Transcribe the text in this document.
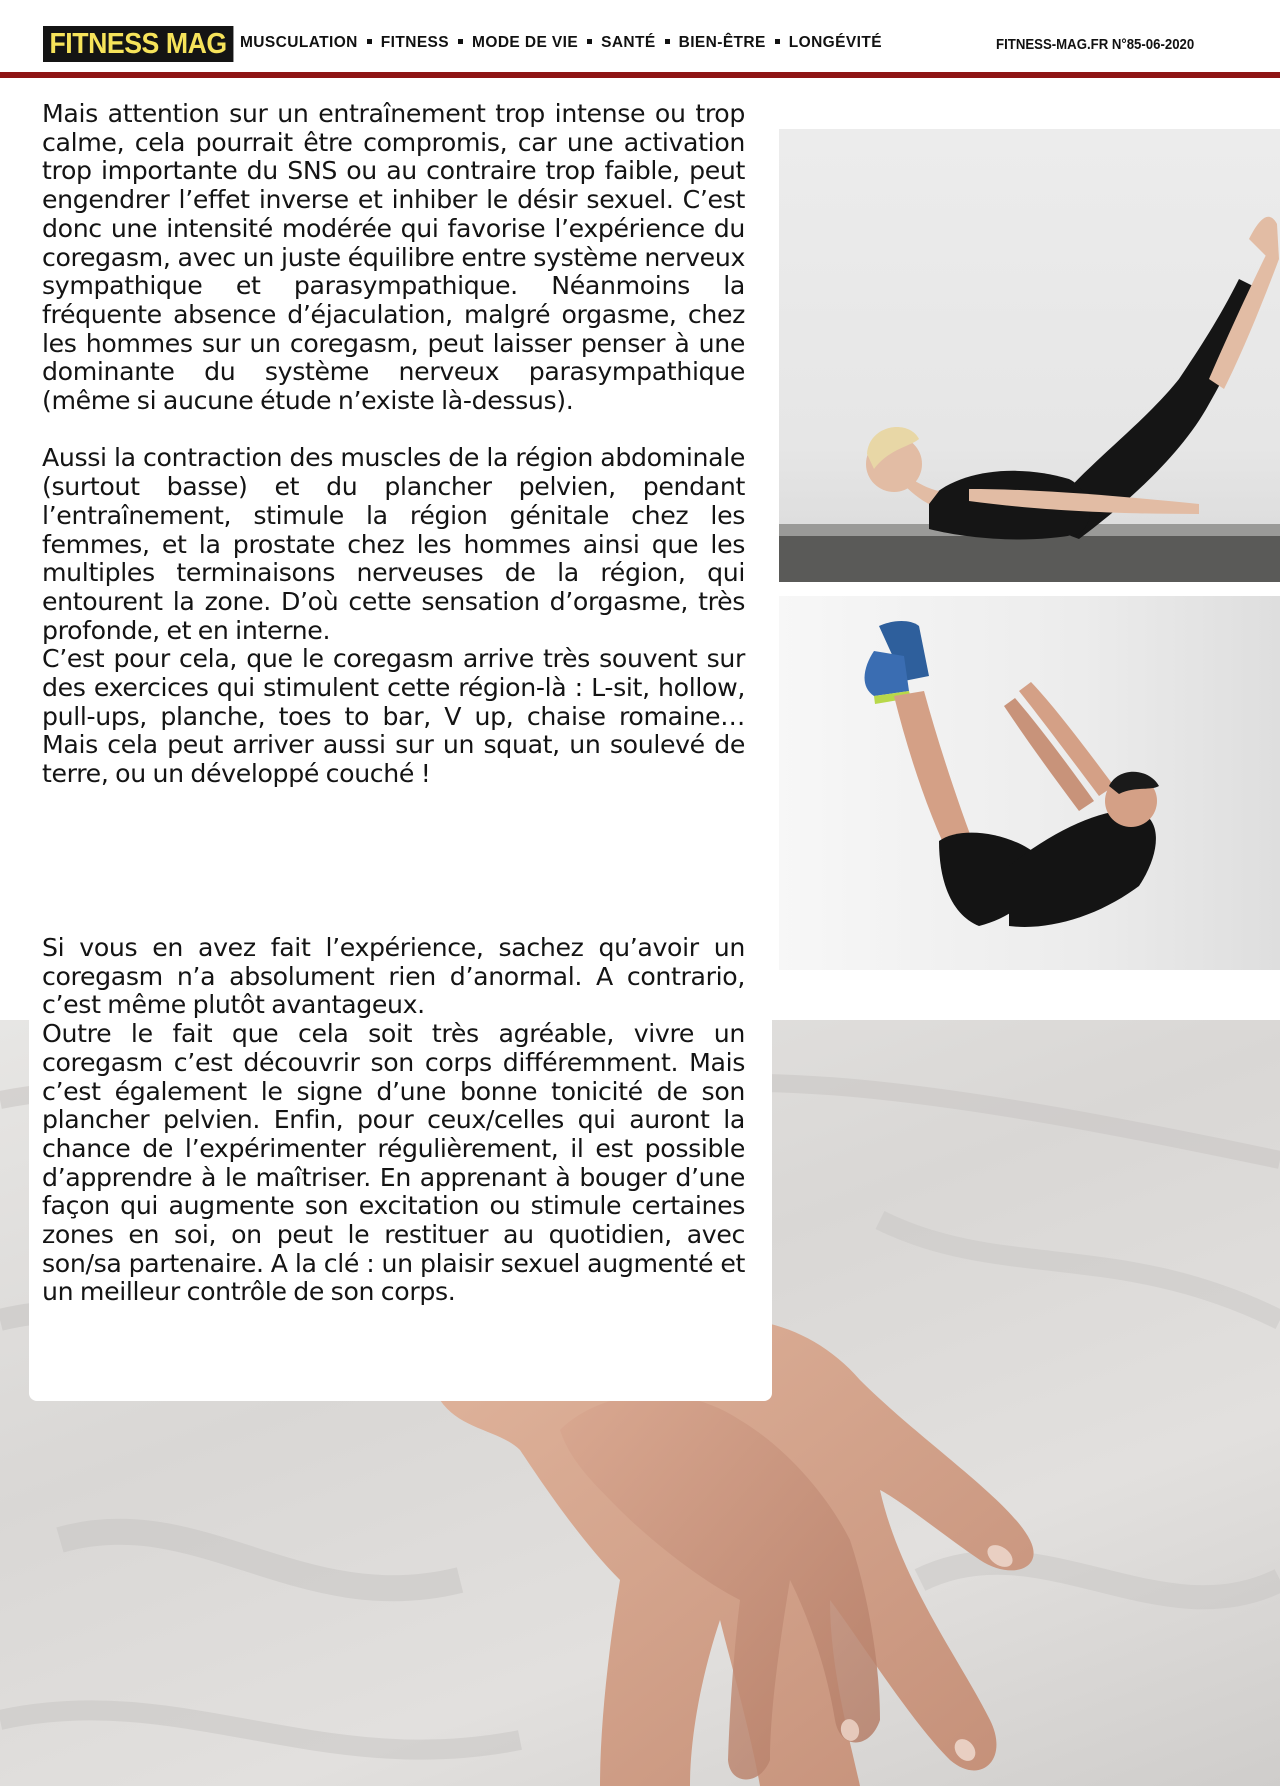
FITNESS MAG MUSCULATION FITNESS MODE DE VIE SANTÉ BIEN-ÊTRE LONGÉVITÉ	FITNESS-MAG.FR N°85-06-2020

Mais attention sur un entraînement trop intense ou trop calme, cela pourrait être compromis, car une activation trop importante du SNS ou au contraire trop faible, peut engendrer l’effet inverse et inhiber le désir sexuel. C’est donc une intensité modérée qui favorise l’expérience du coregasm, avec un juste équilibre entre système nerveux sympathique et parasympathique. Néanmoins la fréquente absence d’éjaculation, malgré orgasme, chez les hommes sur un coregasm, peut laisser penser à une dominante du système nerveux parasympathique (même si aucune étude n’existe là-dessus).

Aussi la contraction des muscles de la région abdominale (surtout basse) et du plancher pelvien, pendant l’entraînement, stimule la région génitale chez les femmes, et la prostate chez les hommes ainsi que les multiples terminaisons nerveuses de la région, qui entourent la zone. D’où cette sensation d’orgasme, très profonde, et en interne.

C’est pour cela, que le coregasm arrive très souvent sur des exercices qui stimulent cette région-là : L-sit, hollow, pull-ups, planche, toes to bar, V up, chaise romaine… Mais cela peut arriver aussi sur un squat, un soulevé de terre, ou un développé couché !

Si vous en avez fait l’expérience, sachez qu’avoir un coregasm n’a absolument rien d’anormal. A contrario, c’est même plutôt avantageux.

Outre le fait que cela soit très agréable, vivre un coregasm c’est découvrir son corps différemment. Mais c’est également le signe d’une bonne tonicité de son plancher pelvien. Enfin, pour ceux/celles qui auront la chance de l’expérimenter régulièrement, il est possible d’apprendre à le maîtriser. En apprenant à bouger d’une façon qui augmente son excitation ou stimule certaines zones en soi, on peut le restituer au quotidien, avec son/sa partenaire. A la clé : un plaisir sexuel augmenté et un meilleur contrôle de son corps.
